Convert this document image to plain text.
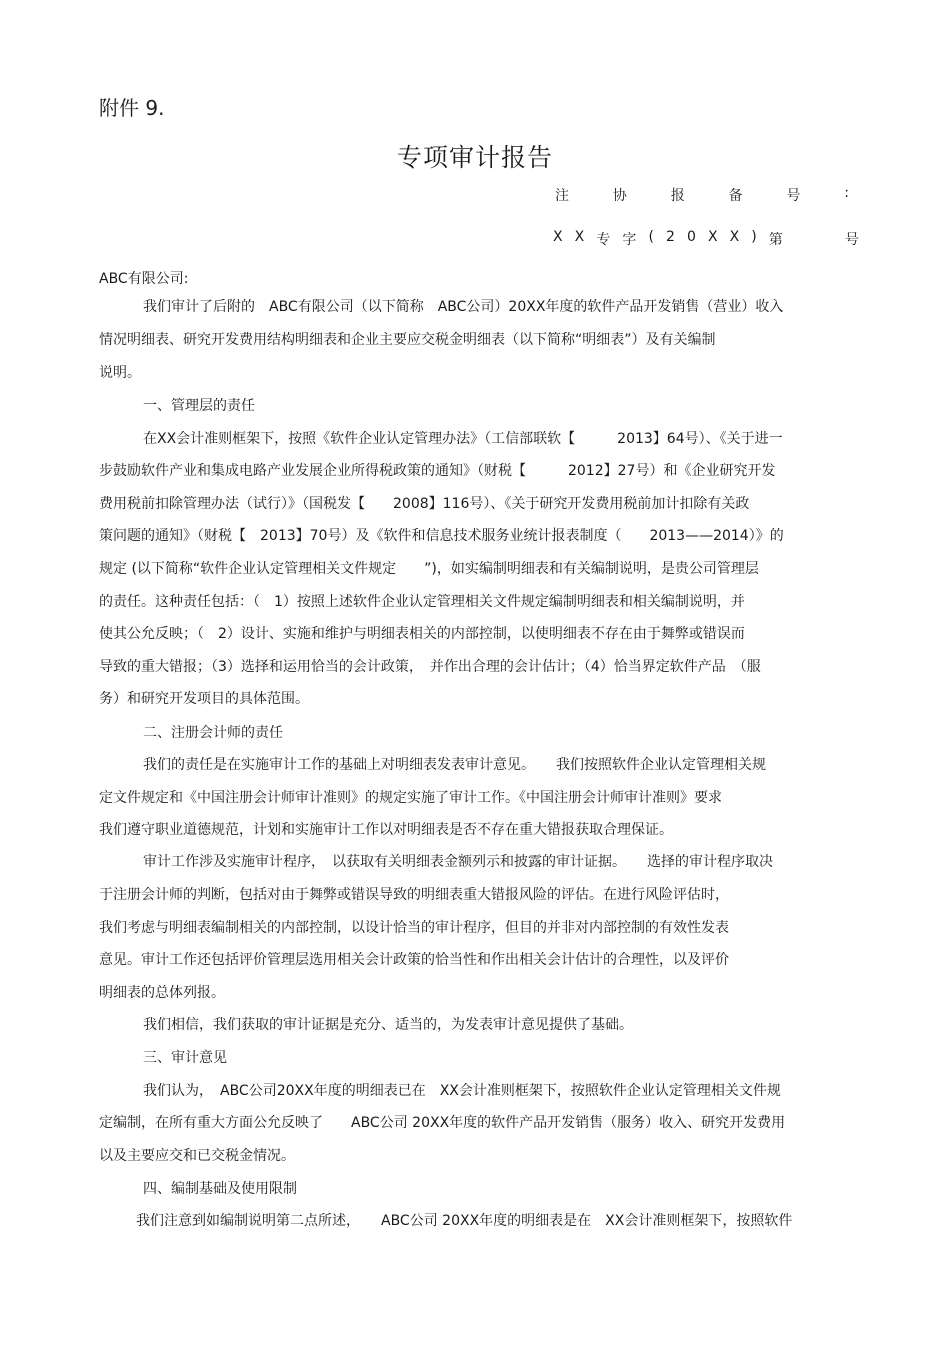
附件 9.
专项审计报告
注	协	报	备	号	:
X X 专 字 ( 2 0 X X ) 第	号
ABC有限公司:
我们审计了后附的　ABC有限公司（以下简称　ABC公司）20XX年度的软件产品开发销售（营业）收入
情况明细表、研究开发费用结构明细表和企业主要应交税金明细表（以下简称“明细表”）及有关编制
说明。
一、管理层的责任
在XX会计准则框架下，按照《软件企业认定管理办法》（工信部联软【　　　2013】64号）、《关于进一
步鼓励软件产业和集成电路产业发展企业所得税政策的通知》（财税【　　　2012】27号）和《企业研究开发
费用税前扣除管理办法（试行）》（国税发【　　2008】116号）、《关于研究开发费用税前加计扣除有关政
策问题的通知》（财税【　2013】70号）及《软件和信息技术服务业统计报表制度（　　2013——2014）》的
规定 (以下简称“软件企业认定管理相关文件规定　　”)，如实编制明细表和有关编制说明，是贵公司管理层
的责任。这种责任包括：（　1）按照上述软件企业认定管理相关文件规定编制明细表和相关编制说明，并
使其公允反映；（　2）设计、实施和维护与明细表相关的内部控制，以使明细表不存在由于舞弊或错误而
导致的重大错报；（3）选择和运用恰当的会计政策，　并作出合理的会计估计；（4）恰当界定软件产品　（服
务）和研究开发项目的具体范围。
二、注册会计师的责任
我们的责任是在实施审计工作的基础上对明细表发表审计意见。　　我们按照软件企业认定管理相关规
定文件规定和《中国注册会计师审计准则》的规定实施了审计工作。《中国注册会计师审计准则》要求
我们遵守职业道德规范，计划和实施审计工作以对明细表是否不存在重大错报获取合理保证。
审计工作涉及实施审计程序，　以获取有关明细表金额列示和披露的审计证据。　　选择的审计程序取决
于注册会计师的判断，包括对由于舞弊或错误导致的明细表重大错报风险的评估。在进行风险评估时，
我们考虑与明细表编制相关的内部控制，以设计恰当的审计程序，但目的并非对内部控制的有效性发表
意见。审计工作还包括评价管理层选用相关会计政策的恰当性和作出相关会计估计的合理性，以及评价
明细表的总体列报。
我们相信，我们获取的审计证据是充分、适当的，为发表审计意见提供了基础。
三、审计意见
我们认为，　ABC公司20XX年度的明细表已在　XX会计准则框架下，按照软件企业认定管理相关文件规
定编制，在所有重大方面公允反映了　　ABC公司 20XX年度的软件产品开发销售（服务）收入、研究开发费用
以及主要应交和已交税金情况。
四、编制基础及使用限制
我们注意到如编制说明第二点所述，　　ABC公司 20XX年度的明细表是在　XX会计准则框架下，按照软件
